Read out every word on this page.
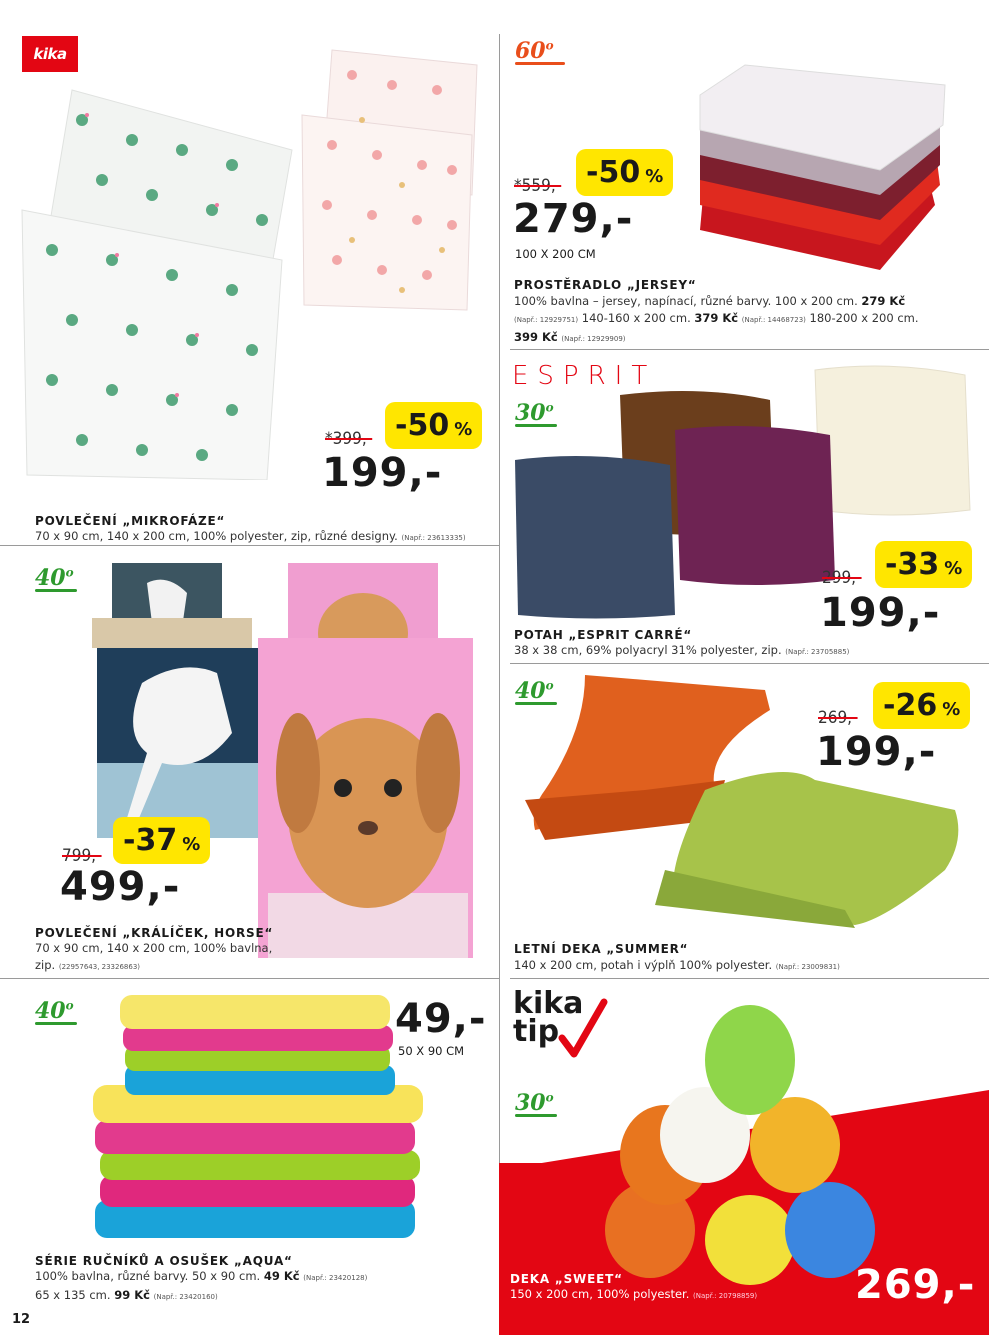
kika
*399,- -50 %
199,-
POVLEČENÍ „MIKROFÁZE“
70 x 90 cm, 140 x 200 cm, 100% polyester, zip, různé designy. (Např.: 23613335)
60$^o$
*559,- -50 %
279,-
100 X 200 CM
PROSTĚRADLO „JERSEY“
100% bavlna – jersey, napínací, různé barvy. 100 x 200 cm. 279 Kč
(Např.: 12929751) 140-160 x 200 cm. 379 Kč (Např.: 14468723) 180-200 x 200 cm.
399 Kč (Např.: 12929909)
ESPRIT
30$^o$
299,- -33 %
199,-
POTAH „ESPRIT CARRÉ“
38 x 38 cm, 69% polyacryl 31% polyester, zip. (Např.: 23705885)
40$^o$
799,- -37 %
499,-
POVLEČENÍ „KRÁLÍČEK, HORSE“
70 x 90 cm, 140 x 200 cm, 100% bavlna,
zip. (22957643, 23326863)
40$^o$
269,- -26 %
199,-
LETNÍ DEKA „SUMMER“
140 x 200 cm, potah i výplň 100% polyester. (Např.: 23009831)
40$^o$	49,-
50 X 90 CM
SÉRIE RUČNÍKŮ A OSUŠEK „AQUA“
100% bavlna, různé barvy. 50 x 90 cm. 49 Kč (Např.: 23420128)
65 x 135 cm. 99 Kč (Např.: 23420160)
kika
tip
30$^o$
DEKA „SWEET“
150 x 200 cm, 100% polyester. (Např.: 20798859) 269,-
12
